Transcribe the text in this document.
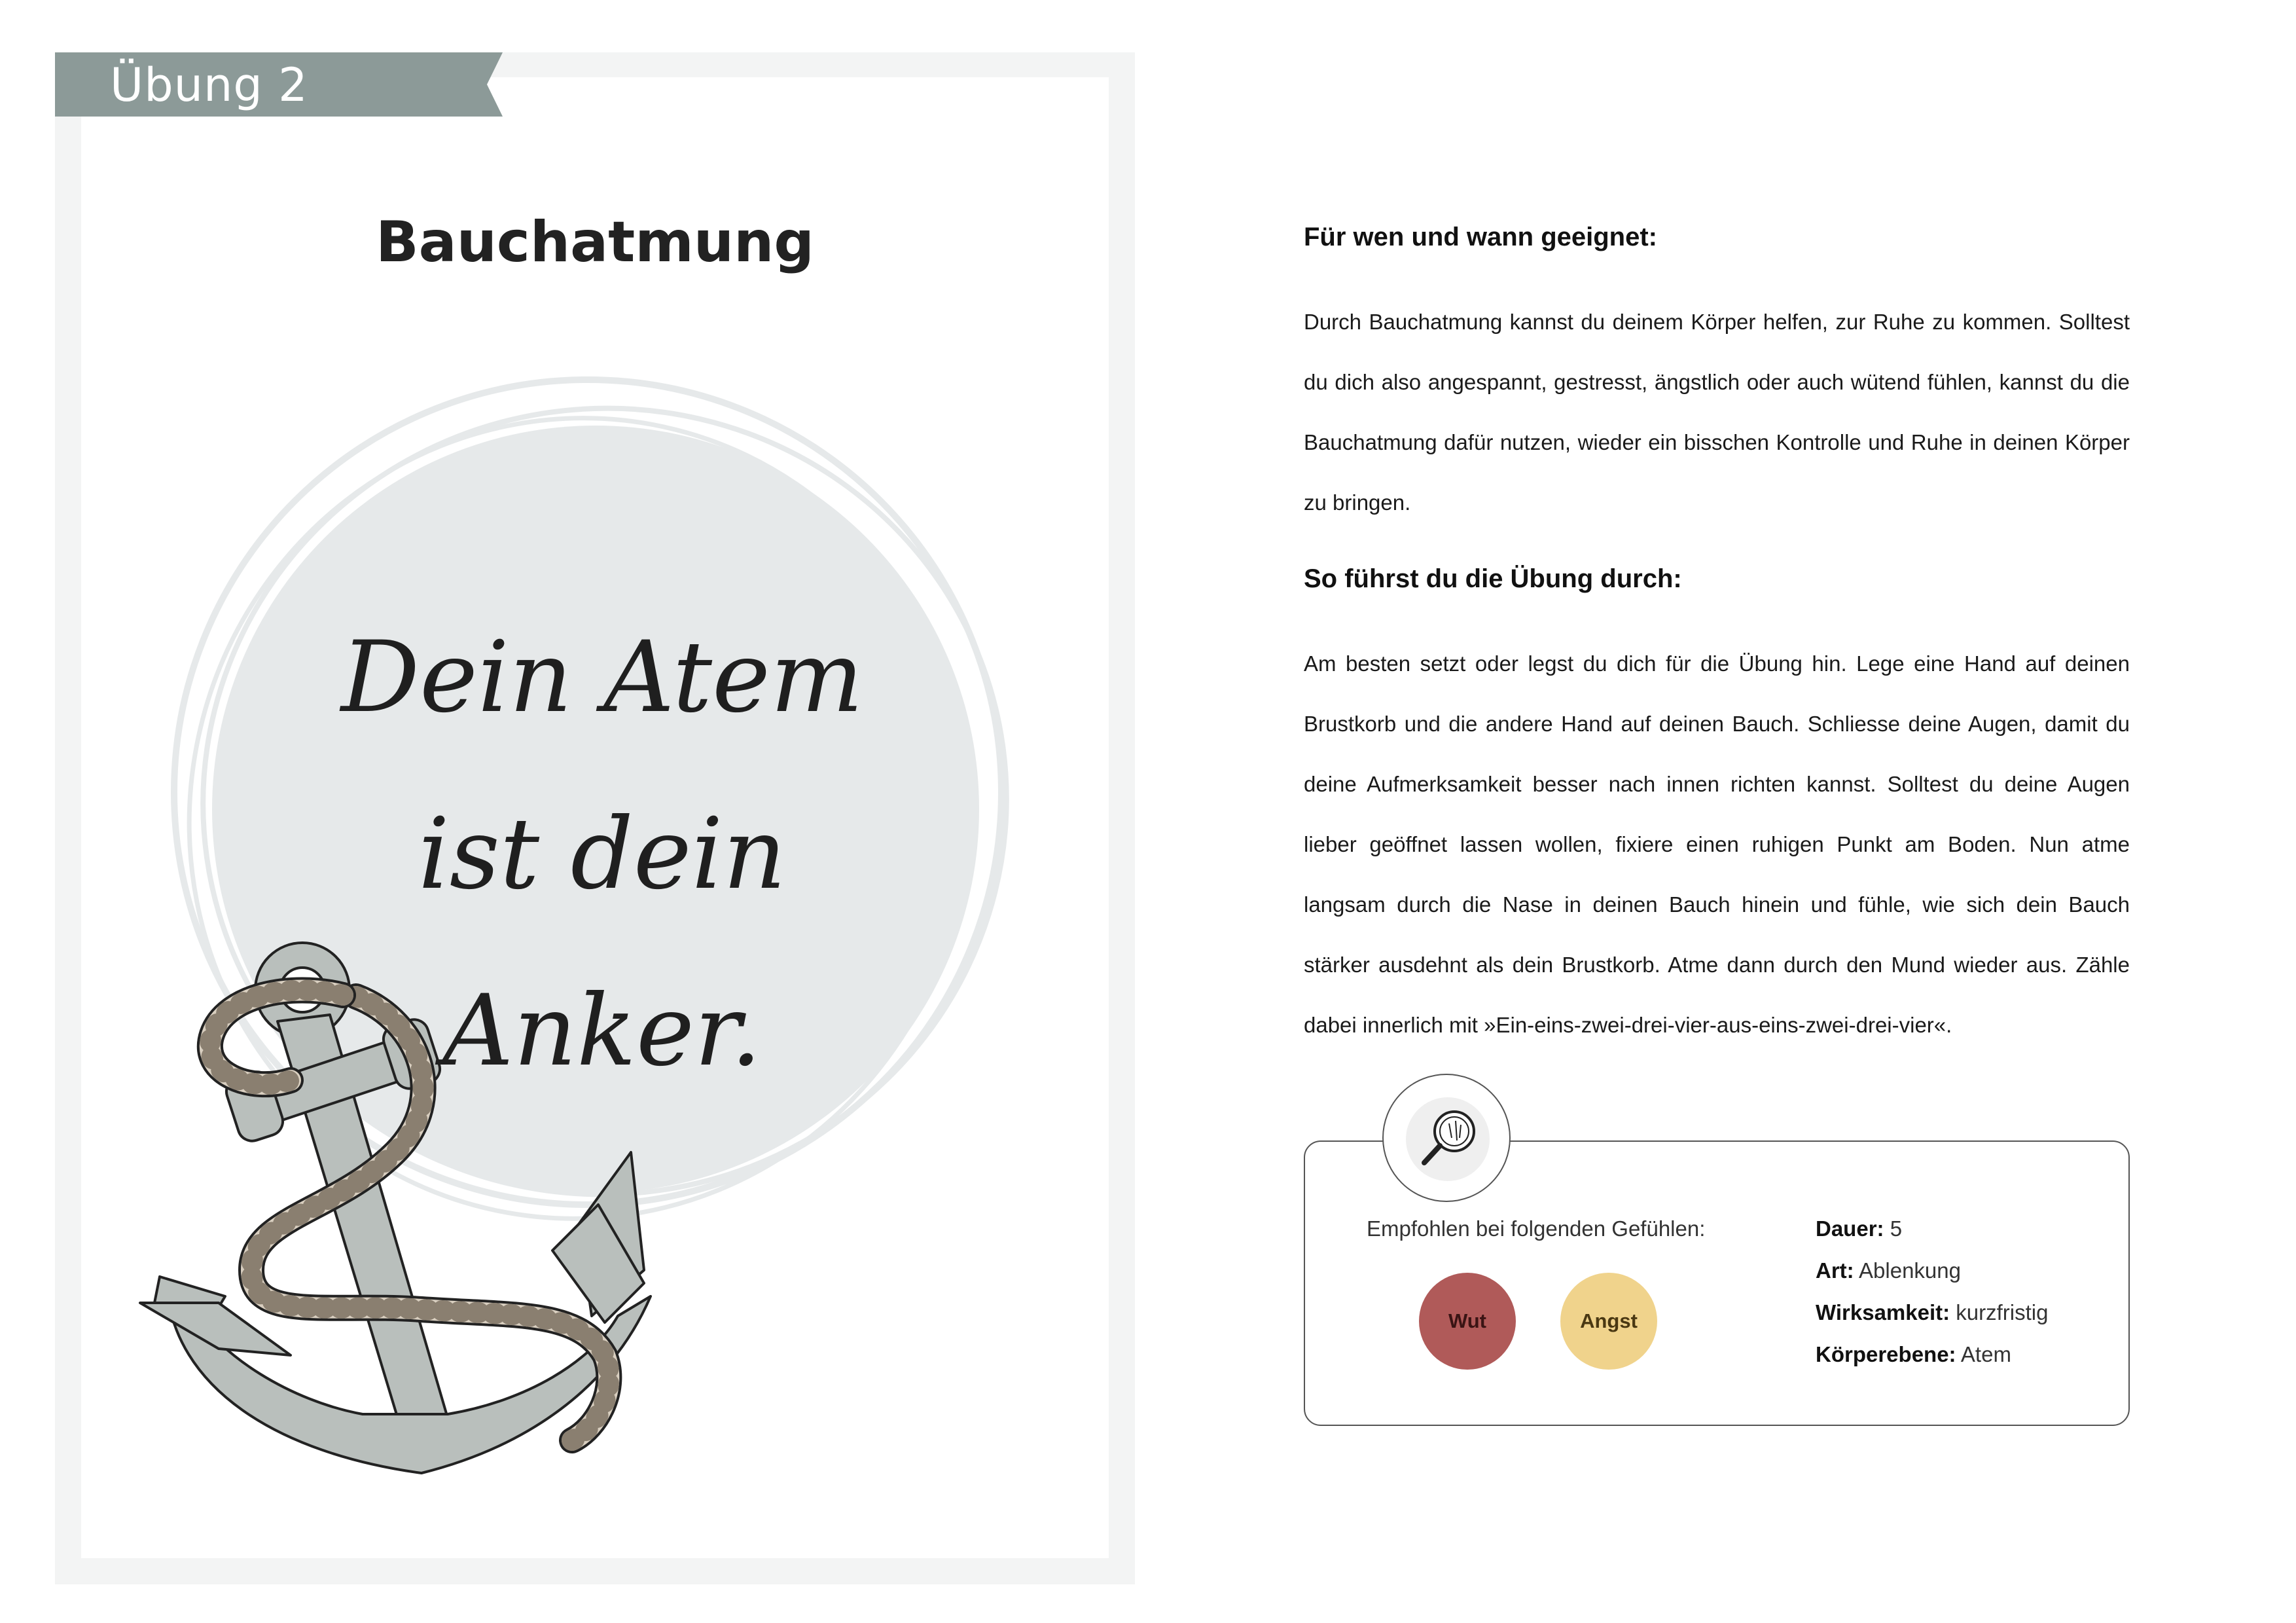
Übung 2
Bauchatmung
Dein Atem
ist dein Anker.
Für wen und wann geeignet:
Durch Bauchatmung kannst du deinem Körper helfen, zur Ruhe zu kommen. Solltest du dich also angespannt, gestresst, ängstlich oder auch wütend fühlen, kannst du die Bauchatmung dafür nutzen, wieder ein bisschen Kontrolle und Ruhe in deinen Körper zu bringen.
So führst du die Übung durch:
Am besten setzt oder legst du dich für die Übung hin. Lege eine Hand auf deinen Brustkorb und die andere Hand auf deinen Bauch. Schliesse deine Augen, damit du deine Aufmerksamkeit besser nach innen richten kannst. Solltest du deine Augen lieber geöffnet lassen wollen, fixiere einen ruhigen Punkt am Boden. Nun atme langsam durch die Nase in deinen Bauch hinein und fühle, wie sich dein Bauch stärker ausdehnt als dein Brustkorb. Atme dann durch den Mund wieder aus. Zähle dabei innerlich mit »Ein-eins-zwei-drei-vier-aus-eins-zwei-drei-vier«.
Empfohlen bei folgenden Gefühlen:
Wut	Angst
Dauer: 5
Art: Ablenkung
Wirksamkeit: kurzfristig
Körperebene: Atem
